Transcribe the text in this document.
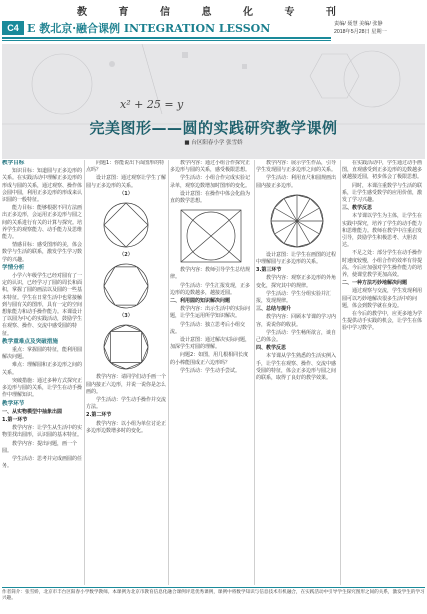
教 育 信 息 化 专 刊
C4 E 教北京·融合课例 INTEGRATION LESSON	责编/ 聂慧 美编/ 张静
2018年5月28日 星期一
x² + 25 = y
完美图形——圆的实践研究教学课例
■ 台区阳春小学 张雪娇

教学目标

知识目标：知道圆与正多边形的关系。在实践活动中理解正多边形的形成与圆的关系，通过观察、操作体会圆中圆，利用正多边形的形成来认识圆的一般特征。

能力目标：能够根据不同方法画出正多边形，会运用正多边形与圆之间的关系进行有关的计算与探究。培养学生的观察能力、动手能力及思维能力。

情感目标：感受图形的美，体会数学与生活的联系，激发学生学习数学的兴趣。

学情分析

小学六年级学生已经对圆有了一定的认识，已经学习了圆的周长和面积，掌握了圆的画法以及圆的一些基本特征。学生在日常生活中也常接触到与圆有关的图形，具有一定的空间想象能力和动手操作能力。本课设计了以圆为中心的实践活动，鼓励学生在观察、操作、交流中感受圆的特征。

教学重难点及突破措施

重点：掌握圆的特征，能利用圆解决问题。

难点：理解圆和正多边形之间的关系。

突破措施：通过多种方式探究正多边形与圆的关系，让学生在动手操作中理解知识。

教学环节

一、从实物模型中抽象出圆

1.第一环节

教学内容：让学生从生活中的实物里找出圆形，认识圆的基本特征。

教学内容：提出问题，画一个圆。

学生活动：思考并完成画圆的任务。

问题1：你能说出下面图形的特点吗？

设计意图：通过观察让学生了解圆与正多边形的关系。

（1）

（2）

（3）

教学内容：请同学们动手画一个圆内接正六边形，并说一说你是怎么画的。

学生活动：学生动手操作并交流方法。

2.第二环节

教学内容：以小组为单位讨论正多边形边数增多时的变化。

教学内容：通过小组合作探究正多边形与圆的关系，感受极限思想。

学生活动：小组合作完成实验记录单，观察边数增加时图形的变化。

设计意图：在操作中体会化曲为直的数学思想。

教学内容：教师引导学生总结规律。

学生活动：学生汇报发现，正多边形的边数越多，越接近圆。

二、利用圆的知识解决问题

教学内容：出示生活中的实际问题，让学生运用所学知识解决。

学生活动：独立思考后小组交流。

设计意图：通过解决实际问题，加深学生对圆的理解。

问题2：如图，用几根相同长度的小棒能围成正六边形吗？

学生活动：学生动手尝试。

教学内容：展示学生作品，引导学生发现圆与正多边形之间的关系。

学生活动：利用直尺和圆规画出圆内接正多边形。

设计意图：让学生在画图的过程中理解圆与正多边形的关系。

3.第三环节

教学内容：观察正多边形的外角变化，探究其中的规律。

学生活动：学生分组实验并汇报，发现规律。

三、总结与提升

教学内容：回顾本节课的学习内容，说说你的收获。

学生活动：学生畅所欲言，谈自己的体会。

四、教学反思

本节课从学生熟悉的生活实例入手，让学生在观察、操作、交流中感受圆的特征，体会正多边形与圆之间的联系，取得了良好的教学效果。

在实践活动中，学生通过动手画图，直观感受到正多边形的边数越多就越接近圆，初步体会了极限思想。

同时，本课注重数学与生活的联系，让学生感受数学的应用价值，激发了学习兴趣。

三、教学反思

本节课以学生为主体，让学生在实践中探究，培养了学生的动手能力和思维能力。教师在教学中注重启发引导，鼓励学生积极思考、大胆表达。

不足之处：部分学生在动手操作时速度较慢，小组合作的效率有待提高。今后应加强对学生操作能力的培养，使课堂教学更加高效。

二、一种方法巧妙地解决问题

通过观察与交流，学生发现利用圆可以巧妙地解决很多生活中的问题，体会到数学就在身边。

在今后的教学中，应更多地为学生提供动手实践的机会，让学生在体验中学习数学。

作者简介：张雪娇，北京市丰台区阳春小学数学教师。本课例为北京市教育信息化融合课例评选优秀课例，课例中将数学知识与信息技术有机融合，在实践活动中引导学生探究图形之间的关系，激发学生的学习兴趣。
